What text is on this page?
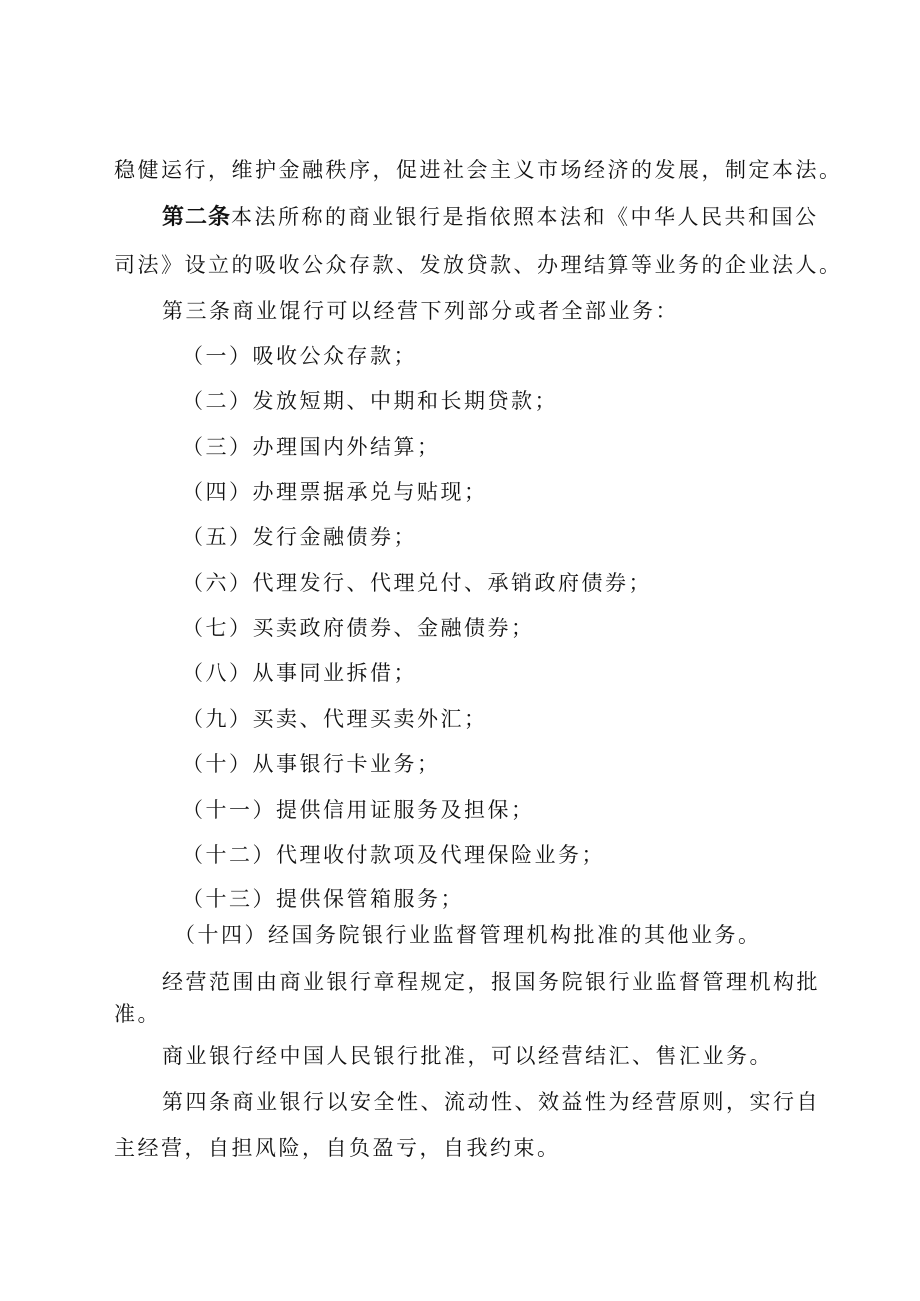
稳健运行，维护金融秩序，促进社会主义市场经济的发展，制定本法。
第二条本法所称的商业银行是指依照本法和《中华人民共和国公
司法》设立的吸收公众存款、发放贷款、办理结算等业务的企业法人。
第三条商业馄行可以经营下列部分或者全部业务：
（一）吸收公众存款；
（二）发放短期、中期和长期贷款；
（三）办理国内外结算；
（四）办理票据承兑与贴现；
（五）发行金融债券；
（六）代理发行、代理兑付、承销政府债券；
（七）买卖政府债券、金融债券；
（八）从事同业拆借；
（九）买卖、代理买卖外汇；
（十）从事银行卡业务；
（十一）提供信用证服务及担保；
（十二）代理收付款项及代理保险业务；
（十三）提供保管箱服务；
（十四）经国务院银行业监督管理机构批准的其他业务。
经营范围由商业银行章程规定，报国务院银行业监督管理机构批
准。
商业银行经中国人民银行批准，可以经营结汇、售汇业务。
第四条商业银行以安全性、流动性、效益性为经营原则，实行自
主经营，自担风险，自负盈亏，自我约束。
